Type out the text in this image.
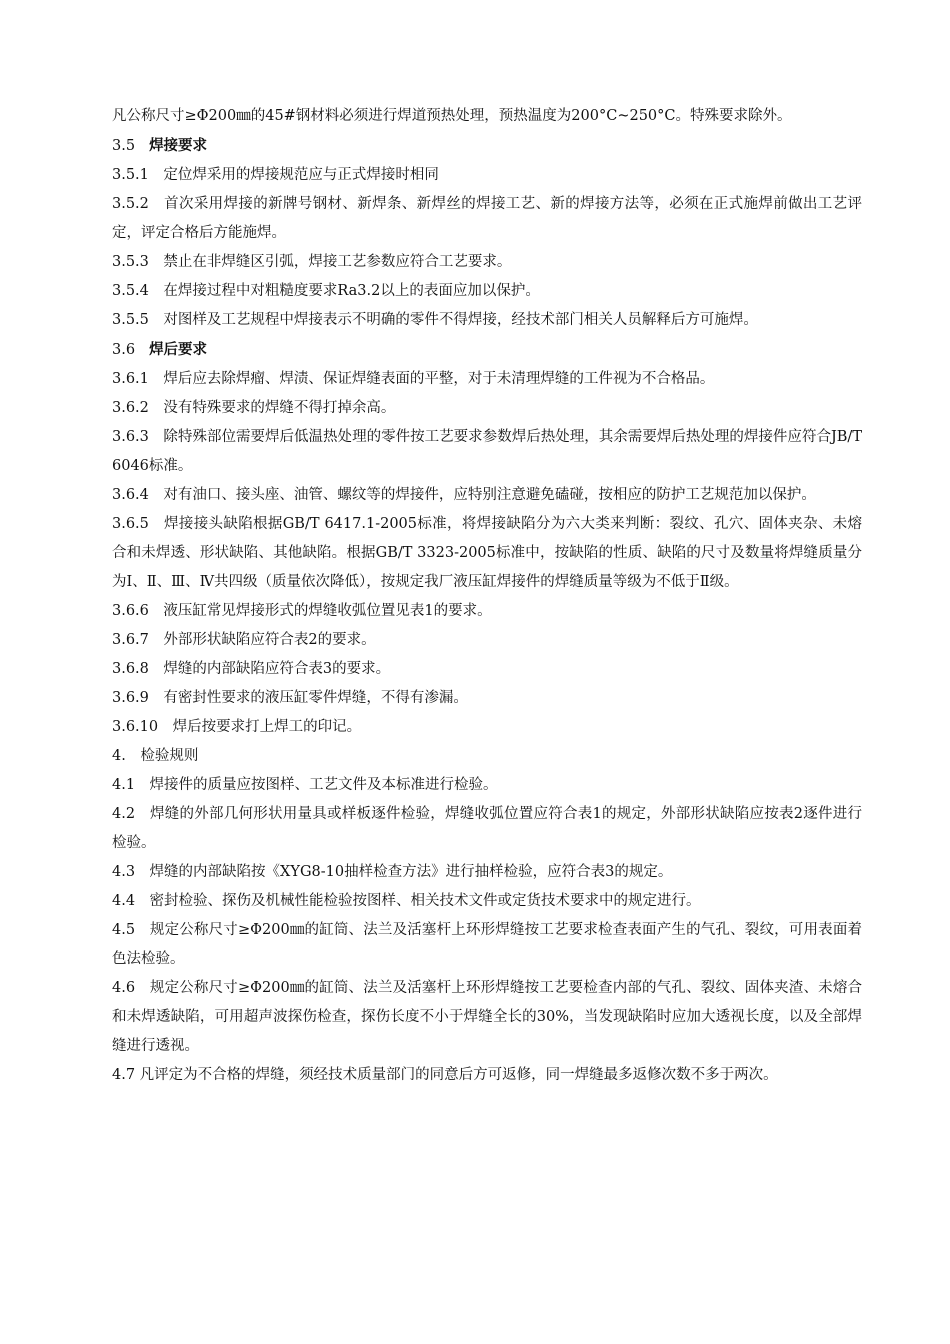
凡公称尺寸≥Φ200㎜的45#钢材料必须进行焊道预热处理，预热温度为200°C~250°C。特殊要求除外。

3.5 焊接要求

3.5.1　定位焊采用的焊接规范应与正式焊接时相同

3.5.2　首次采用焊接的新牌号钢材、新焊条、新焊丝的焊接工艺、新的焊接方法等，必须在正式施焊前做出工艺评定，评定合格后方能施焊。

3.5.3　禁止在非焊缝区引弧，焊接工艺参数应符合工艺要求。

3.5.4　在焊接过程中对粗糙度要求Ra3.2以上的表面应加以保护。

3.5.5　对图样及工艺规程中焊接表示不明确的零件不得焊接，经技术部门相关人员解释后方可施焊。

3.6 焊后要求

3.6.1　焊后应去除焊瘤、焊渍、保证焊缝表面的平整，对于未清理焊缝的工件视为不合格品。

3.6.2　没有特殊要求的焊缝不得打掉余高。

3.6.3　除特殊部位需要焊后低温热处理的零件按工艺要求参数焊后热处理，其余需要焊后热处理的焊接件应符合JB/T 6046标准。

3.6.4　对有油口、接头座、油管、螺纹等的焊接件，应特别注意避免磕碰，按相应的防护工艺规范加以保护。

3.6.5　焊接接头缺陷根据GB/T 6417.1-2005标准，将焊接缺陷分为六大类来判断：裂纹、孔穴、固体夹杂、未熔合和未焊透、形状缺陷、其他缺陷。根据GB/T 3323-2005标准中，按缺陷的性质、缺陷的尺寸及数量将焊缝质量分为Ⅰ、Ⅱ、Ⅲ、Ⅳ共四级（质量依次降低），按规定我厂液压缸焊接件的焊缝质量等级为不低于Ⅱ级。

3.6.6　液压缸常见焊接形式的焊缝收弧位置见表1的要求。

3.6.7　外部形状缺陷应符合表2的要求。

3.6.8　焊缝的内部缺陷应符合表3的要求。

3.6.9　有密封性要求的液压缸零件焊缝，不得有渗漏。

3.6.10　焊后按要求打上焊工的印记。

4.　检验规则

4.1　焊接件的质量应按图样、工艺文件及本标准进行检验。

4.2　焊缝的外部几何形状用量具或样板逐件检验，焊缝收弧位置应符合表1的规定，外部形状缺陷应按表2逐件进行检验。

4.3　焊缝的内部缺陷按《XYG8-10抽样检查方法》进行抽样检验，应符合表3的规定。

4.4　密封检验、探伤及机械性能检验按图样、相关技术文件或定货技术要求中的规定进行。

4.5　规定公称尺寸≥Φ200㎜的缸筒、法兰及活塞杆上环形焊缝按工艺要求检查表面产生的气孔、裂纹，可用表面着色法检验。

4.6　规定公称尺寸≥Φ200㎜的缸筒、法兰及活塞杆上环形焊缝按工艺要检查内部的气孔、裂纹、固体夹渣、未熔合和未焊透缺陷，可用超声波探伤检查，探伤长度不小于焊缝全长的30%，当发现缺陷时应加大透视长度，以及全部焊缝进行透视。

4.7 凡评定为不合格的焊缝，须经技术质量部门的同意后方可返修，同一焊缝最多返修次数不多于两次。
